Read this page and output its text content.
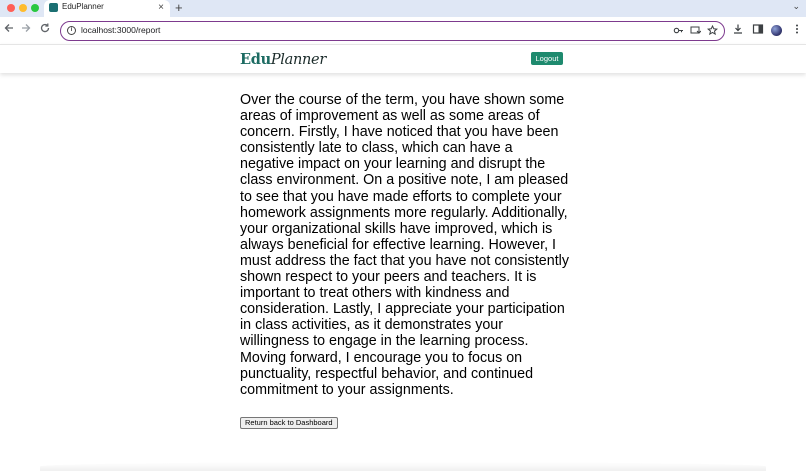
EduPlanner	× +	⌄
i	localhost:3000/report
EduPlanner	Logout

Over the course of the term, you have shown some areas of improvement as well as some areas of concern. Firstly, I have noticed that you have been consistently late to class, which can have a negative impact on your learning and disrupt the class environment. On a positive note, I am pleased to see that you have made efforts to complete your homework assignments more regularly. Additionally, your organizational skills have improved, which is always beneficial for effective learning. However, I must address the fact that you have not consistently shown respect to your peers and teachers. It is important to treat others with kindness and consideration. Lastly, I appreciate your participation in class activities, as it demonstrates your willingness to engage in the learning process. Moving forward, I encourage you to focus on punctuality, respectful behavior, and continued commitment to your assignments.

Return back to Dashboard
